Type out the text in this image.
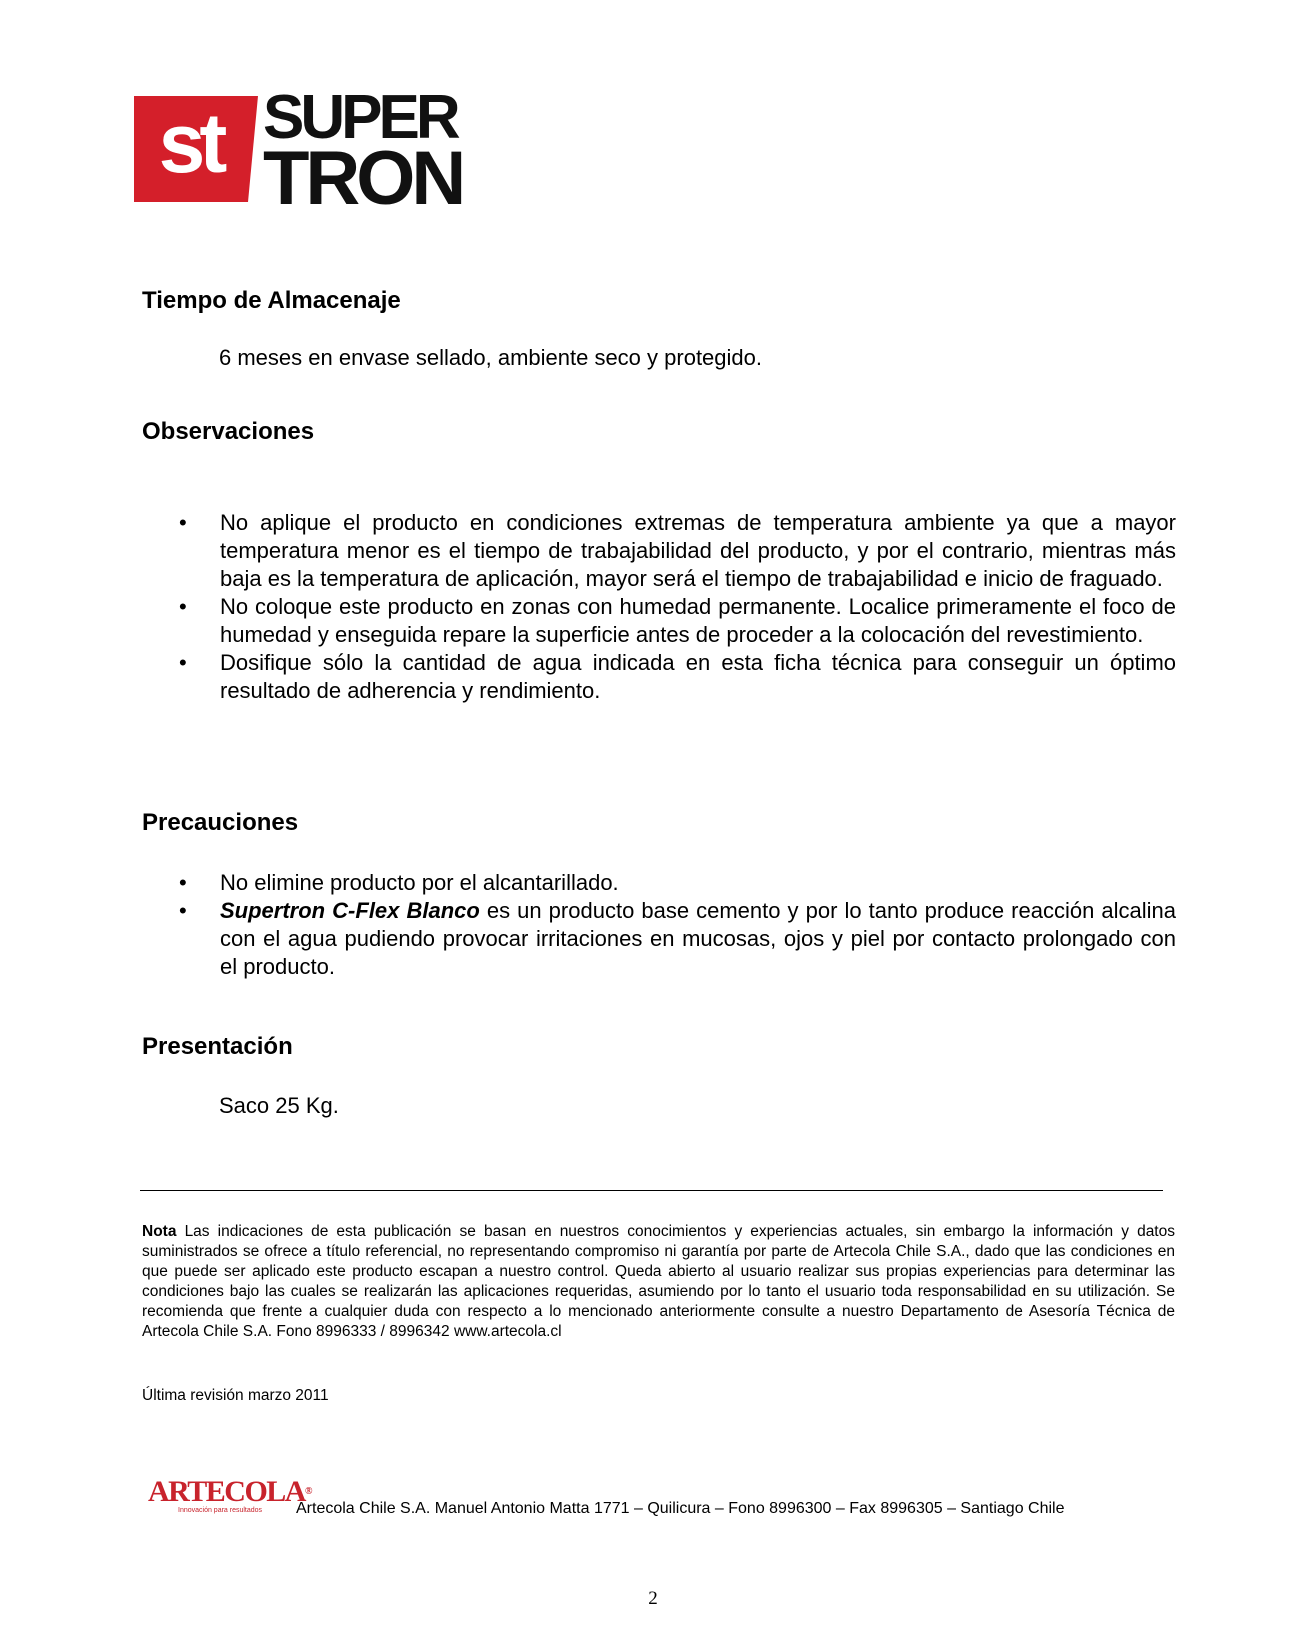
st SUPER
TRON
Tiempo de Almacenaje

6 meses en envase sellado, ambiente seco y protegido.

Observaciones
• No aplique el producto en condiciones extremas de temperatura ambiente ya que a mayor temperatura menor es el tiempo de trabajabilidad del producto, y por el contrario, mientras más baja es la temperatura de aplicación, mayor será el tiempo de trabajabilidad e inicio de fraguado.
• No coloque este producto en zonas con humedad permanente. Localice primeramente el foco de humedad y enseguida repare la superficie antes de proceder a la colocación del revestimiento.
• Dosifique sólo la cantidad de agua indicada en esta ficha técnica para conseguir un óptimo resultado de adherencia y rendimiento.
Precauciones
• No elimine producto por el alcantarillado.
• Supertron C-Flex Blanco es un producto base cemento y por lo tanto produce reacción alcalina con el agua pudiendo provocar irritaciones en mucosas, ojos y piel por contacto prolongado con el producto.
Presentación

Saco 25 Kg.

Nota Las indicaciones de esta publicación se basan en nuestros conocimientos y experiencias actuales, sin embargo la información y datos suministrados se ofrece a título referencial, no representando compromiso ni garantía por parte de Artecola Chile S.A., dado que las condiciones en que puede ser aplicado este producto escapan a nuestro control. Queda abierto al usuario realizar sus propias experiencias para determinar las condiciones bajo las cuales se realizarán las aplicaciones requeridas, asumiendo por lo tanto el usuario toda responsabilidad en su utilización. Se recomienda que frente a cualquier duda con respecto a lo mencionado anteriormente consulte a nuestro Departamento de Asesoría Técnica de Artecola Chile S.A. Fono 8996333 / 8996342 www.artecola.cl

Última revisión marzo 2011

ARTECOLA®
Innovación para resultados	Artecola Chile S.A. Manuel Antonio Matta 1771 – Quilicura – Fono 8996300 – Fax 8996305 – Santiago Chile

2
